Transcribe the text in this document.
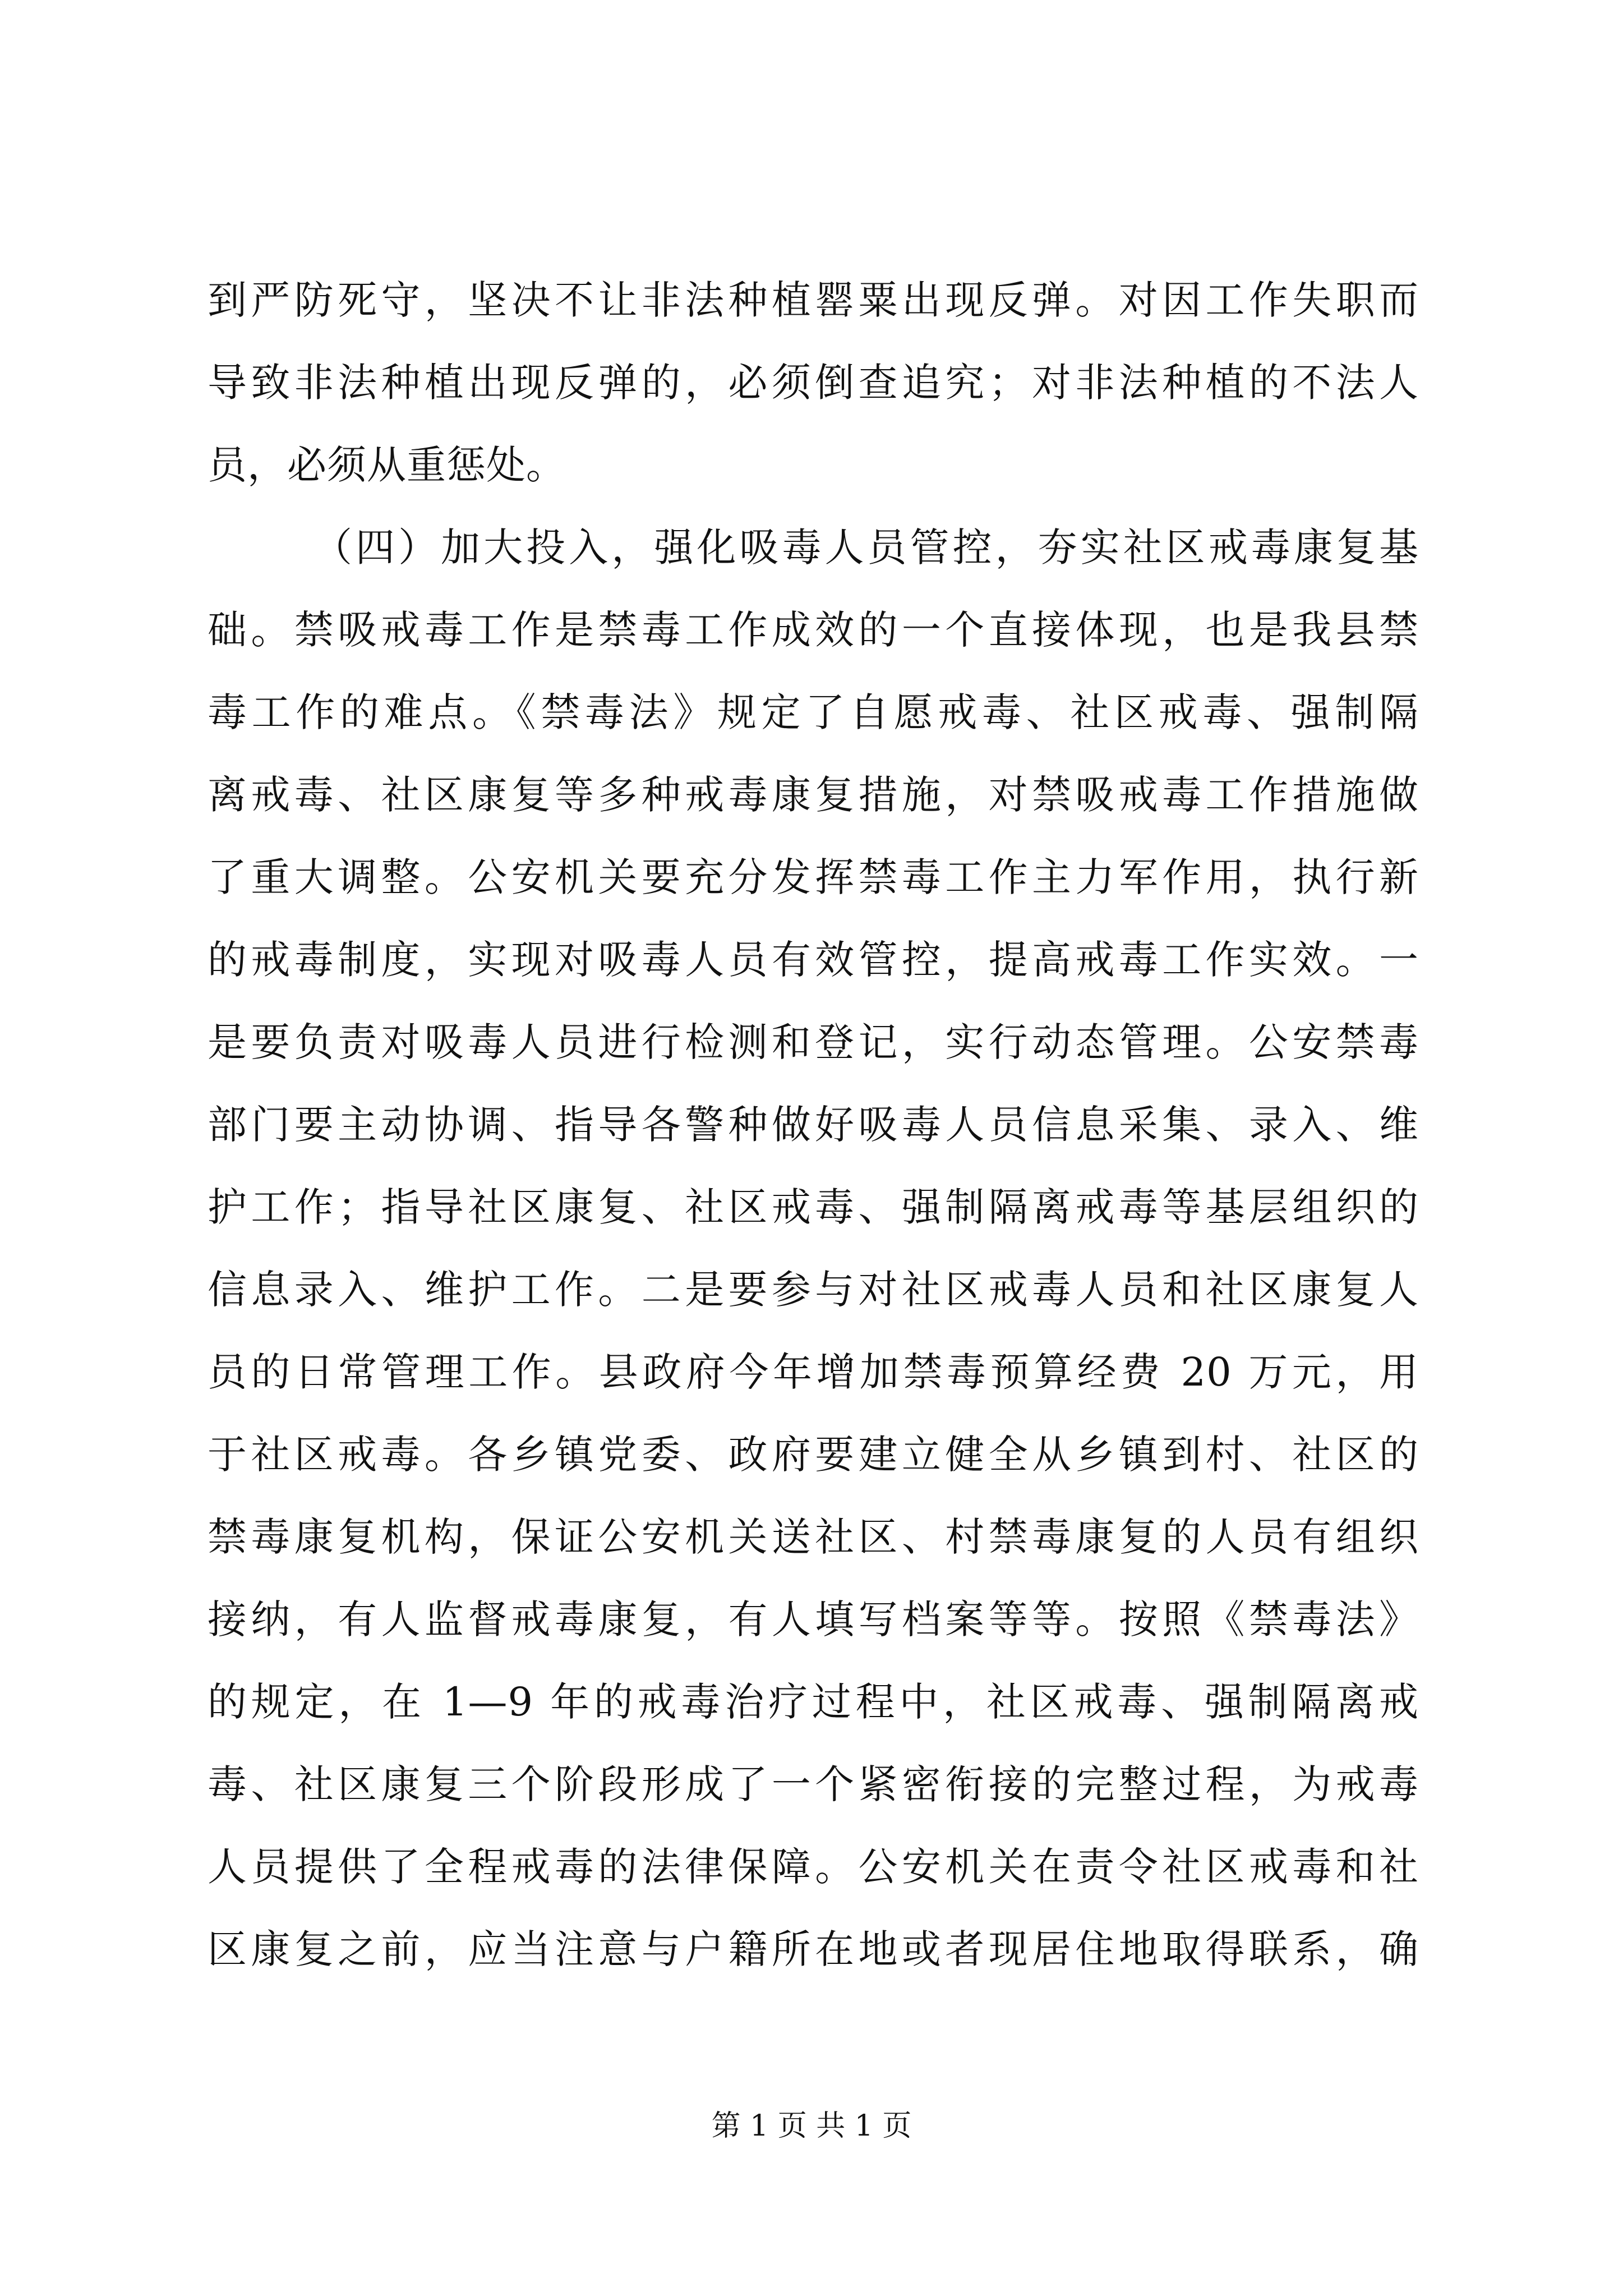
到严防死守，坚决不让非法种植罂粟出现反弹。对因工作失职而
导致非法种植出现反弹的，必须倒查追究；对非法种植的不法人
员，必须从重惩处。
（四）加大投入，强化吸毒人员管控，夯实社区戒毒康复基
础。禁吸戒毒工作是禁毒工作成效的一个直接体现，也是我县禁
毒工作的难点。《禁毒法》规定了自愿戒毒、社区戒毒、强制隔
离戒毒、社区康复等多种戒毒康复措施，对禁吸戒毒工作措施做
了重大调整。公安机关要充分发挥禁毒工作主力军作用，执行新
的戒毒制度，实现对吸毒人员有效管控，提高戒毒工作实效。一
是要负责对吸毒人员进行检测和登记，实行动态管理。公安禁毒
部门要主动协调、指导各警种做好吸毒人员信息采集、录入、维
护工作；指导社区康复、社区戒毒、强制隔离戒毒等基层组织的
信息录入、维护工作。二是要参与对社区戒毒人员和社区康复人
员的日常管理工作。县政府今年增加禁毒预算经费 20 万元，用
于社区戒毒。各乡镇党委、政府要建立健全从乡镇到村、社区的
禁毒康复机构，保证公安机关送社区、村禁毒康复的人员有组织
接纳，有人监督戒毒康复，有人填写档案等等。按照《禁毒法》
的规定，在 1—9 年的戒毒治疗过程中，社区戒毒、强制隔离戒
毒、社区康复三个阶段形成了一个紧密衔接的完整过程，为戒毒
人员提供了全程戒毒的法律保障。公安机关在责令社区戒毒和社
区康复之前，应当注意与户籍所在地或者现居住地取得联系，确
第 1 页 共 1 页
